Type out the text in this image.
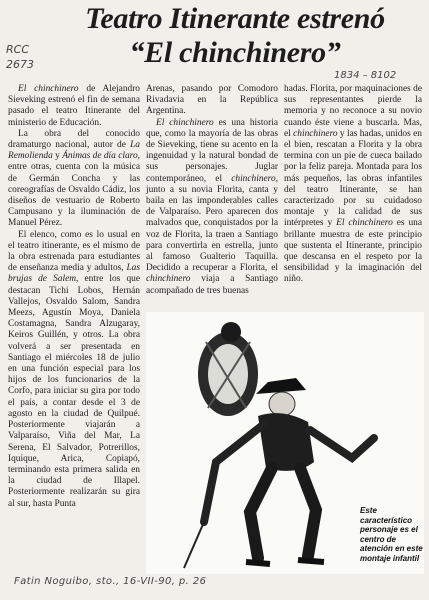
Teatro Itinerante estrenó
“El chinchinero”
RCC
2673
1834 – 8102

El chinchinero de Alejandro Sieveking estrenó el fin de semana pasado el teatro Itinerante del ministerio de Educación.

La obra del conocido dramaturgo nacional, autor de La Remolienda y Ánimas de día claro, entre otras, cuenta con la música de Germán Concha y las coreografías de Osvaldo Cádiz, los diseños de vestuario de Roberto Campusano y la iluminación de Manuel Pérez.

El elenco, como es lo usual en el teatro itinerante, es el mismo de la obra estrenada para estudiantes de enseñanza media y adultos, Las brujas de Salem, entre los que destacan Tichi Lobos, Hernán Vallejos, Osvaldo Salom, Sandra Meezs, Agustín Moya, Daniela Costamagna, Sandra Alzugaray, Keiros Guillén, y otros. La obra volverá a ser presentada en Santiago el miércoles 18 de julio en una función especial para los hijos de los funcionarios de la Corfo, para iniciar su gira por todo el país, a contar desde el 3 de agosto en la ciudad de Quilpué. Posteriormente viajarán a Valparaíso, Viña del Mar, La Serena, El Salvador, Potrerillos, Iquique, Arica, Copiapó, terminando esta primera salida en la ciudad de Illapel. Posteriormente realizarán su gira al sur, hasta Punta

Arenas, pasando por Comodoro Rivadavia en la República Argentina.

El chinchinero es una historia que, como la mayoría de las obras de Sieveking, tiene su acento en la ingenuidad y la natural bondad de sus personajes. Juglar contemporáneo, el chinchinero, junto a su novia Florita, canta y baila en las imponderables calles de Valparaíso. Pero aparecen dos malvados que, conquistados por la voz de Florita, la traen a Santiago para convertirla en estrella, junto al famoso Gualterio Taquilla. Decidido a recuperar a Florita, el chinchinero viaja a Santiago acompañado de tres buenas

hadas. Florita, por maquinaciones de sus representantes pierde la memoria y no reconoce a su novio cuando éste viene a buscarla. Mas, el chinchinero y las hadas, unidos en el bien, rescatan a Florita y la obra termina con un pie de cueca bailado por la feliz pareja. Montada para los más pequeños, las obras infantiles del teatro Itinerante, se han caracterizado por su cuidadoso montaje y la calidad de sus intérpretes y El chinchinero es una brillante muestra de este principio que sustenta el Itinerante, principio que descansa en el respeto por la sensibilidad y la imaginación del niño.

Este característico personaje es el centro de atención en este montaje infantil
Fatin Noguibo, sto., 16-VII-90, p. 26
